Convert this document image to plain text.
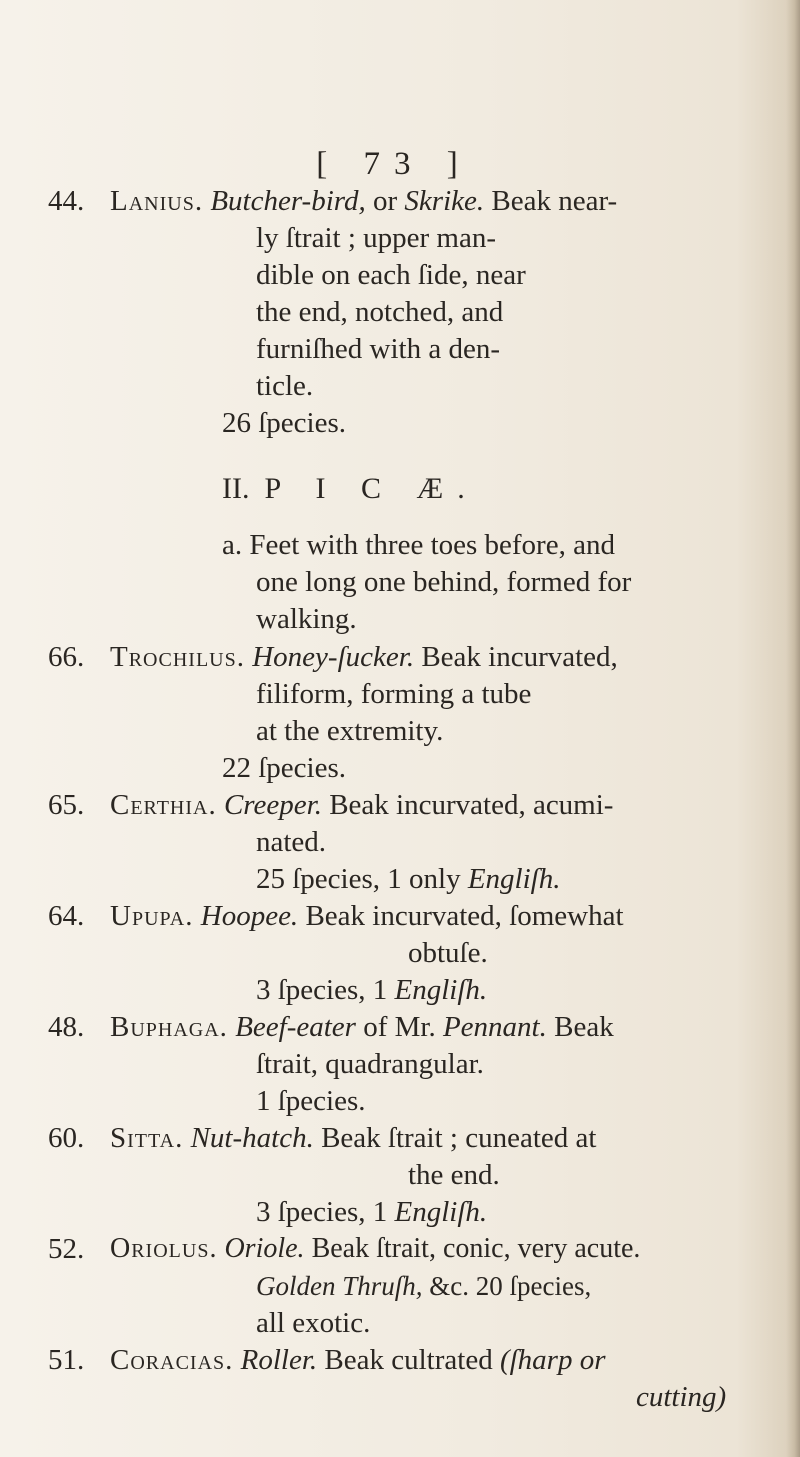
[ 73 ]
44. Lanius. Butcher-bird, or Skrike. Beak near-
ly ſtrait ; upper man-
dible on each ſide, near
the end, notched, and
furniſhed with a den-
ticle.
26 ſpecies.
II. P I C Æ.
a. Feet with three toes before, and
one long one behind, formed for
walking.
66. Trochilus. Honey-ſucker. Beak incurvated,
filiform, forming a tube
at the extremity.
22 ſpecies.
65. Certhia. Creeper. Beak incurvated, acumi-
nated.
25 ſpecies, 1 only Engliſh.
64. Upupa. Hoopee. Beak incurvated, ſomewhat
obtuſe.
3 ſpecies, 1 Engliſh.
48. Buphaga. Beef-eater of Mr. Pennant. Beak
ſtrait, quadrangular.
1 ſpecies.
60. Sitta. Nut-hatch. Beak ſtrait ; cuneated at
the end.
3 ſpecies, 1 Engliſh.
52. Oriolus. Oriole. Beak ſtrait, conic, very acute.
Golden Thruſh, &c. 20 ſpecies,
all exotic.
51. Coracias. Roller. Beak cultrated (ſharp or
cutting)
